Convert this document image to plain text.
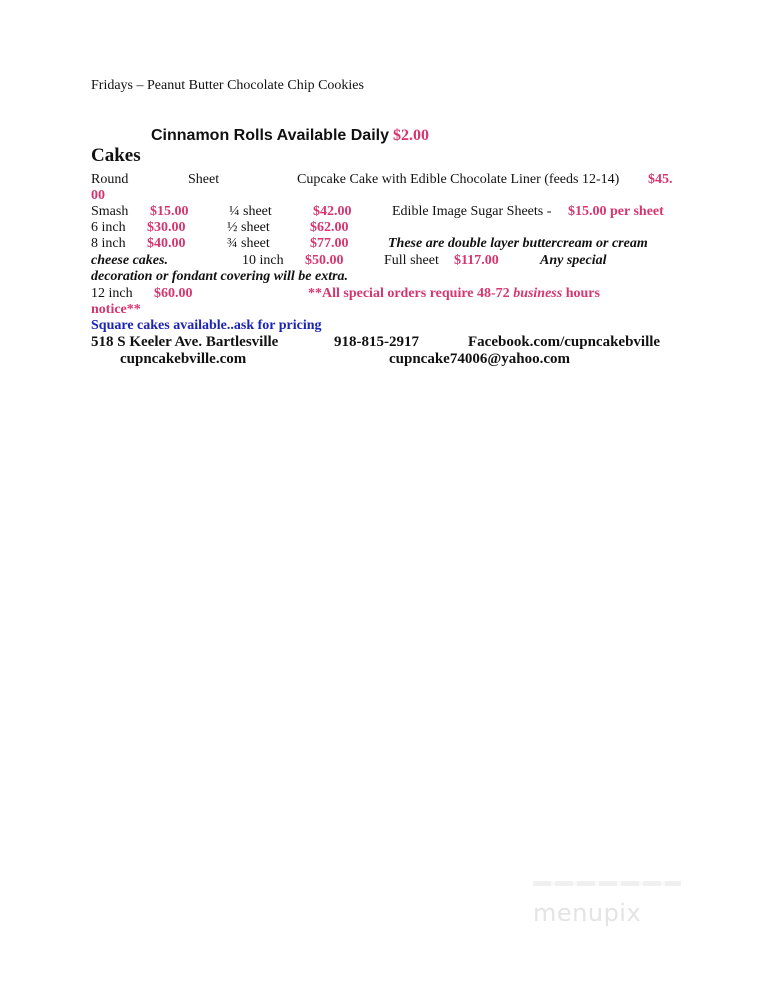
Fridays – Peanut Butter Chocolate Chip Cookies
Cinnamon Rolls Available Daily $2.00
Cakes
Round	Sheet	Cupcake Cake with Edible Chocolate Liner (feeds 12-14) $45.
00
Smash $15.00	¼ sheet	$42.00	Edible Image Sugar Sheets - $15.00 per sheet
6 inch $30.00	½ sheet	$62.00
8 inch $40.00	¾ sheet	$77.00	These are double layer buttercream or cream
cheese cakes.	10 inch $50.00	Full sheet $117.00	Any special
decoration or fondant covering will be extra.
12 inch $60.00	**All special orders require 48-72 business hours
notice**
Square cakes available..ask for pricing
518 S Keeler Ave. Bartlesville	918-815-2917	Facebook.com/cupncakebville
cupncakebville.com	cupncake74006@yahoo.com
menupix
